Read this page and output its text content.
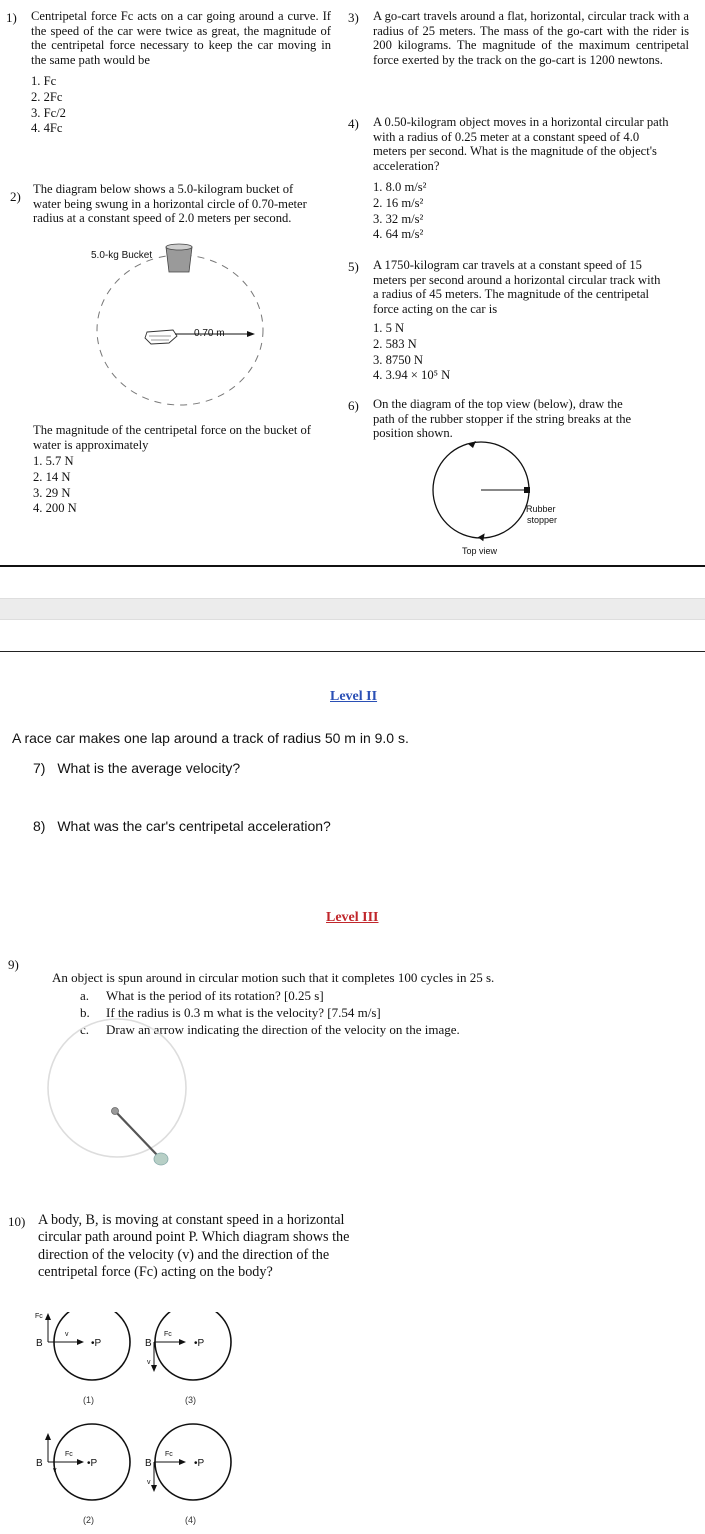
1) Centripetal force Fc acts on a car going around a curve. If the speed of the car were twice as great, the magnitude of the centripetal force necessary to keep the car moving in the same path would be
1. Fc
2. 2Fc
3. Fc/2
4. 4Fc
2) The diagram below shows a 5.0-kilogram bucket of water being swung in a horizontal circle of 0.70-meter radius at a constant speed of 2.0 meters per second.
0.70 m
5.0-kg Bucket
The magnitude of the centripetal force on the bucket of water is approximately
1. 5.7 N
2. 14 N
3. 29 N
4. 200 N
3) A go-cart travels around a flat, horizontal, circular track with a radius of 25 meters. The mass of the go-cart with the rider is 200 kilograms. The magnitude of the maximum centripetal force exerted by the track on the go-cart is 1200 newtons.
4) A 0.50-kilogram object moves in a horizontal circular path with a radius of 0.25 meter at a constant speed of 4.0 meters per second. What is the magnitude of the object's acceleration?
1. 8.0 m/s²
2. 16 m/s²
3. 32 m/s²
4. 64 m/s²
5) A 1750-kilogram car travels at a constant speed of 15 meters per second around a horizontal circular track with a radius of 45 meters. The magnitude of the centripetal force acting on the car is
1. 5 N
2. 583 N
3. 8750 N
4. 3.94 × 10⁵ N
6) On the diagram of the top view (below), draw the path of the rubber stopper if the string breaks at the position shown.
Rubber
stopper
Top view
Level II
A race car makes one lap around a track of radius 50 m in 9.0 s.
7) What is the average velocity?
8) What was the car's centripetal acceleration?
Level III
9)
An object is spun around in circular motion such that it completes 100 cycles in 25 s.
a. What is the period of its rotation? [0.25 s]
b. If the radius is 0.3 m what is the velocity? [7.54 m/s]
c. Draw an arrow indicating the direction of the velocity on the image.
10) A body, B, is moving at constant speed in a horizontal circular path around point P. Which diagram shows the direction of the velocity (v) and the direction of the centripetal force (Fc) acting on the body?
B	•P
v
Fc
(1)
B	•P
Fc
v
(3)
B	•P
Fc
v
(2)
B	•P
Fc
v
(4)
